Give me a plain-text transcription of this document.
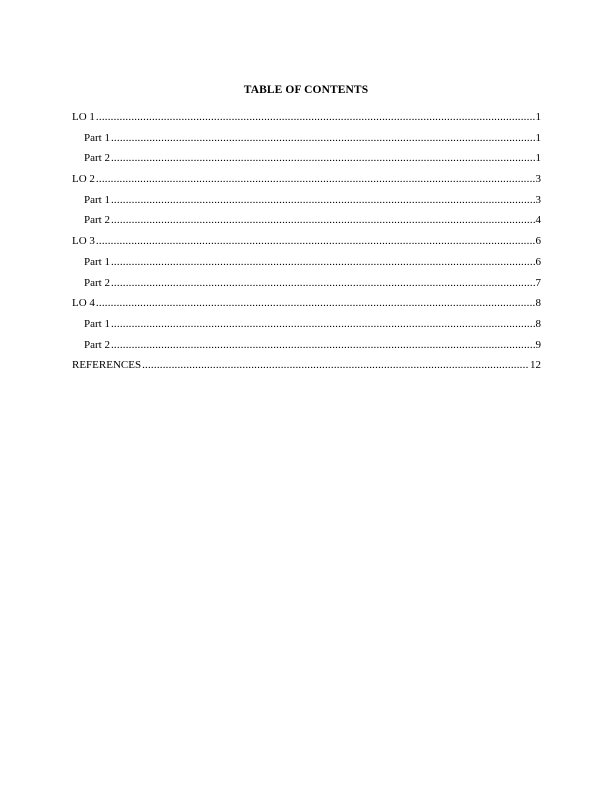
TABLE OF CONTENTS
LO 1 .....	1
Part 1 .....	1
Part 2 .....	1
LO 2 .....	3
Part 1 .....	3
Part 2 .....	4
LO 3 .....	6
Part 1 .....	6
Part 2 .....	7
LO 4 .....	8
Part 1 .....	8
Part 2 .....	9
REFERENCES .....	12
